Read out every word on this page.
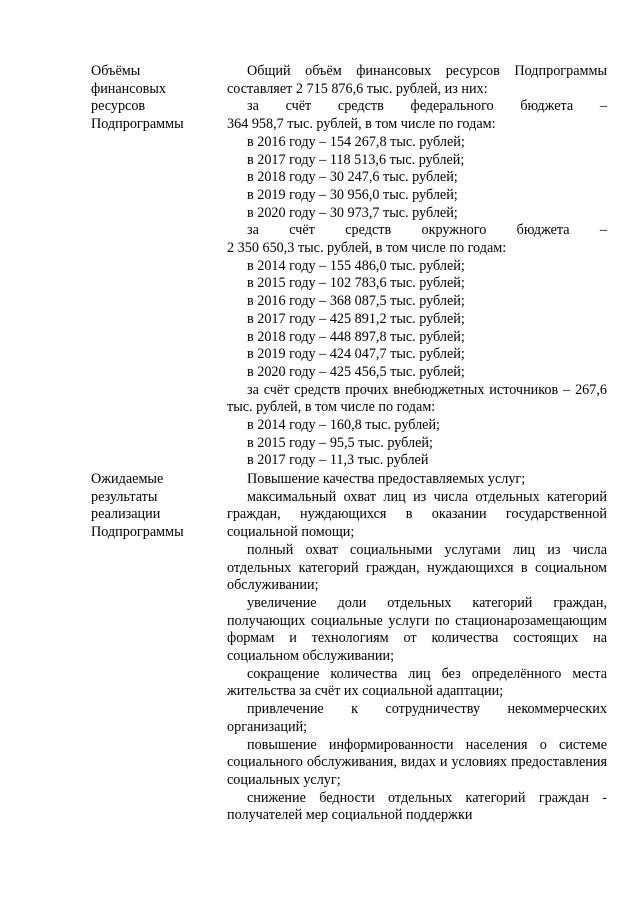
Объёмы
финансовых
ресурсов
Подпрограммы
Общий объём финансовых ресурсов Подпрограммы составляет 2 715 876,6 тыс. рублей, из них:
за счёт средств федерального бюджета –
364 958,7 тыс. рублей, в том числе по годам:
в 2016 году – 154 267,8 тыс. рублей;
в 2017 году – 118 513,6 тыс. рублей;
в 2018 году – 30 247,6 тыс. рублей;
в 2019 году – 30 956,0 тыс. рублей;
в 2020 году – 30 973,7 тыс. рублей;
за счёт средств окружного бюджета –
2 350 650,3 тыс. рублей, в том числе по годам:
в 2014 году – 155 486,0 тыс. рублей;
в 2015 году – 102 783,6 тыс. рублей;
в 2016 году – 368 087,5 тыс. рублей;
в 2017 году – 425 891,2 тыс. рублей;
в 2018 году – 448 897,8 тыс. рублей;
в 2019 году – 424 047,7 тыс. рублей;
в 2020 году – 425 456,5 тыс. рублей;
за счёт средств прочих внебюджетных источников – 267,6 тыс. рублей, в том числе по годам:
в 2014 году – 160,8 тыс. рублей;
в 2015 году – 95,5 тыс. рублей;
в 2017 году – 11,3 тыс. рублей
Ожидаемые
результаты
реализации
Подпрограммы
Повышение качества предоставляемых услуг;
максимальный охват лиц из числа отдельных категорий граждан, нуждающихся в оказании государственной социальной помощи;
полный охват социальными услугами лиц из числа отдельных категорий граждан, нуждающихся в социальном обслуживании;
увеличение доли отдельных категорий граждан, получающих социальные услуги по стационарозамещающим формам и технологиям от количества состоящих на социальном обслуживании;
сокращение количества лиц без определённого места жительства за счёт их социальной адаптации;
привлечение к сотрудничеству некоммерческих организаций;
повышение информированности населения о системе социального обслуживания, видах и условиях предоставления социальных услуг;
снижение бедности отдельных категорий граждан - получателей мер социальной поддержки
